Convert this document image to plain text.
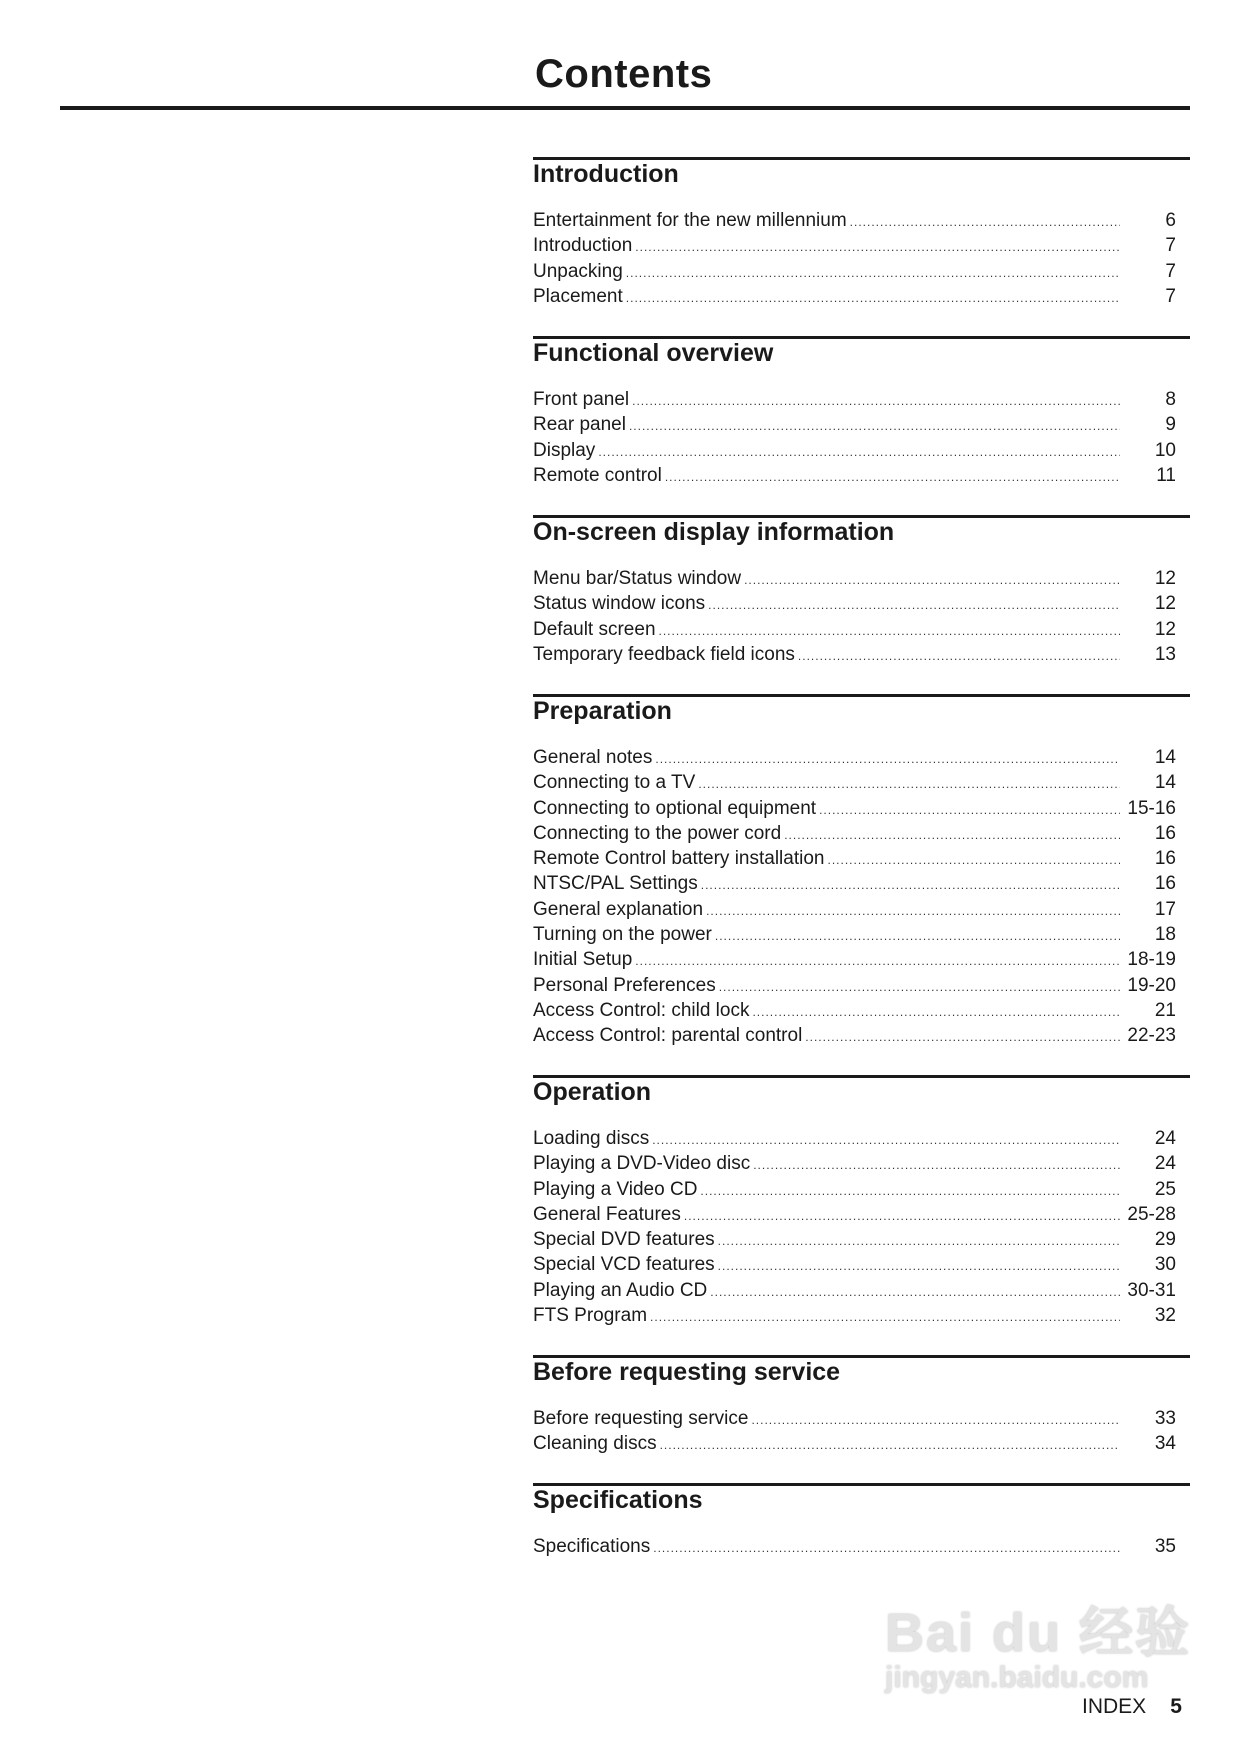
Contents
Introduction
Entertainment for the new millennium .....	6
Introduction .....	7
Unpacking .....	7
Placement .....	7
Functional overview
Front panel .....	8
Rear panel .....	9
Display .....	10
Remote control .....	11
On-screen display information
Menu bar/Status window .....	12
Status window icons .....	12
Default screen .....	12
Temporary feedback field icons .....	13
Preparation
General notes .....	14
Connecting to a TV .....	14
Connecting to optional equipment .....	15-16
Connecting to the power cord .....	16
Remote Control battery installation .....	16
NTSC/PAL Settings .....	16
General explanation .....	17
Turning on the power .....	18
Initial Setup .....	18-19
Personal Preferences .....	19-20
Access Control: child lock .....	21
Access Control: parental control .....	22-23
Operation
Loading discs .....	24
Playing a DVD-Video disc .....	24
Playing a Video CD .....	25
General Features .....	25-28
Special DVD features .....	29
Special VCD features .....	30
Playing an Audio CD .....	30-31
FTS Program .....	32
Before requesting service
Before requesting service .....	33
Cleaning discs .....	34
Specifications
Specifications .....	35
Bai du 经验
jingyan.baidu.com
INDEX 5
